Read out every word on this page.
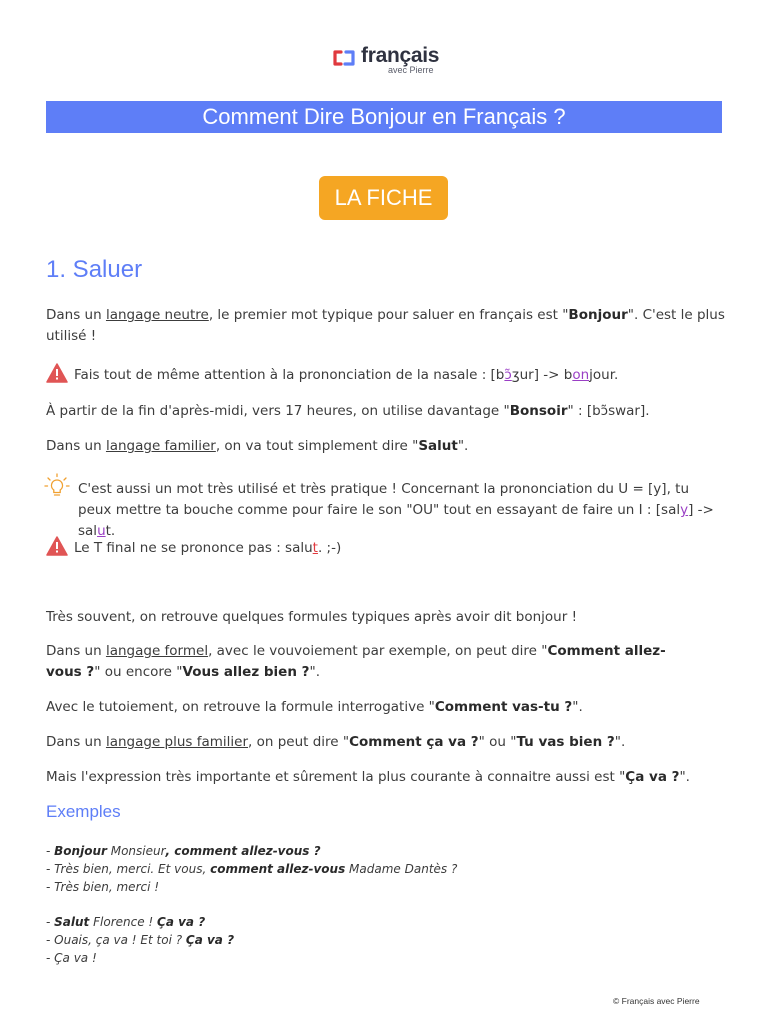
français
avec Pierre
Comment Dire Bonjour en Français ?
LA FICHE
1. Saluer

Dans un langage neutre, le premier mot typique pour saluer en français est "Bonjour". C'est le plus utilisé !

Fais tout de même attention à la prononciation de la nasale : [bɔ̃ʒur] -> bonjour.

À partir de la fin d'après-midi, vers 17 heures, on utilise davantage "Bonsoir" : [bɔ̃swar].

Dans un langage familier, on va tout simplement dire "Salut".

C'est aussi un mot très utilisé et très pratique ! Concernant la prononciation du U = [y], tu peux mettre ta bouche comme pour faire le son "OU" tout en essayant de faire un I : [saly] -> salut.

Le T final ne se prononce pas : salut. ;-)

Très souvent, on retrouve quelques formules typiques après avoir dit bonjour !

Dans un langage formel, avec le vouvoiement par exemple, on peut dire "Comment allez-vous ?" ou encore "Vous allez bien ?".

Avec le tutoiement, on retrouve la formule interrogative "Comment vas-tu ?".

Dans un langage plus familier, on peut dire "Comment ça va ?" ou "Tu vas bien ?".

Mais l'expression très importante et sûrement la plus courante à connaitre aussi est "Ça va ?".

Exemples
- Bonjour Monsieur, comment allez-vous ?
- Très bien, merci. Et vous, comment allez-vous Madame Dantès ?
- Très bien, merci !
- Salut Florence ! Ça va ?
- Ouais, ça va ! Et toi ? Ça va ?
- Ça va !
© Français avec Pierre
